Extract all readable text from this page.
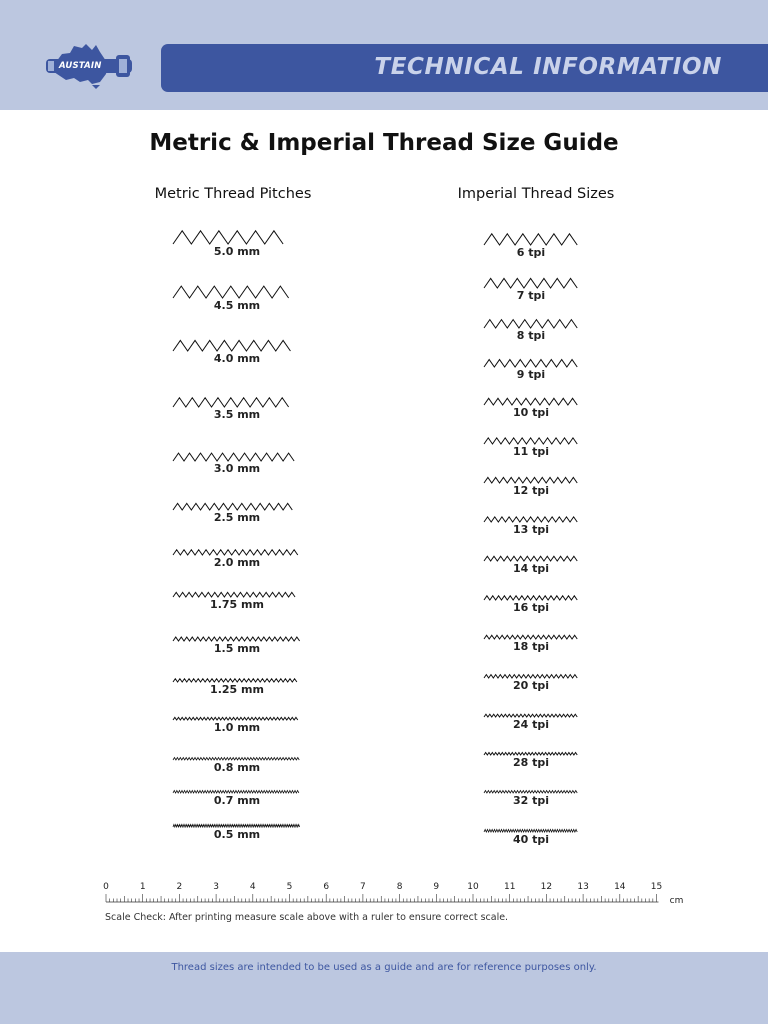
AUSTAIN	TECHNICAL INFORMATION
Metric & Imperial Thread Size Guide
Metric Thread Pitches	Imperial Thread Sizes
5.0 mm
4.5 mm
4.0 mm
3.5 mm
3.0 mm
2.5 mm
2.0 mm
1.75 mm
1.5 mm
1.25 mm
1.0 mm
0.8 mm
0.7 mm
0.5 mm
6 tpi
7 tpi
8 tpi
9 tpi
10 tpi
11 tpi
12 tpi
13 tpi
14 tpi
16 tpi
18 tpi
20 tpi
24 tpi
28 tpi
32 tpi
40 tpi
0	1	2	3	4	5	6	7	8	9	10	11	12	13	14	15
cm
Scale Check: After printing measure scale above with a ruler to ensure correct scale.
Thread sizes are intended to be used as a guide and are for reference purposes only.
